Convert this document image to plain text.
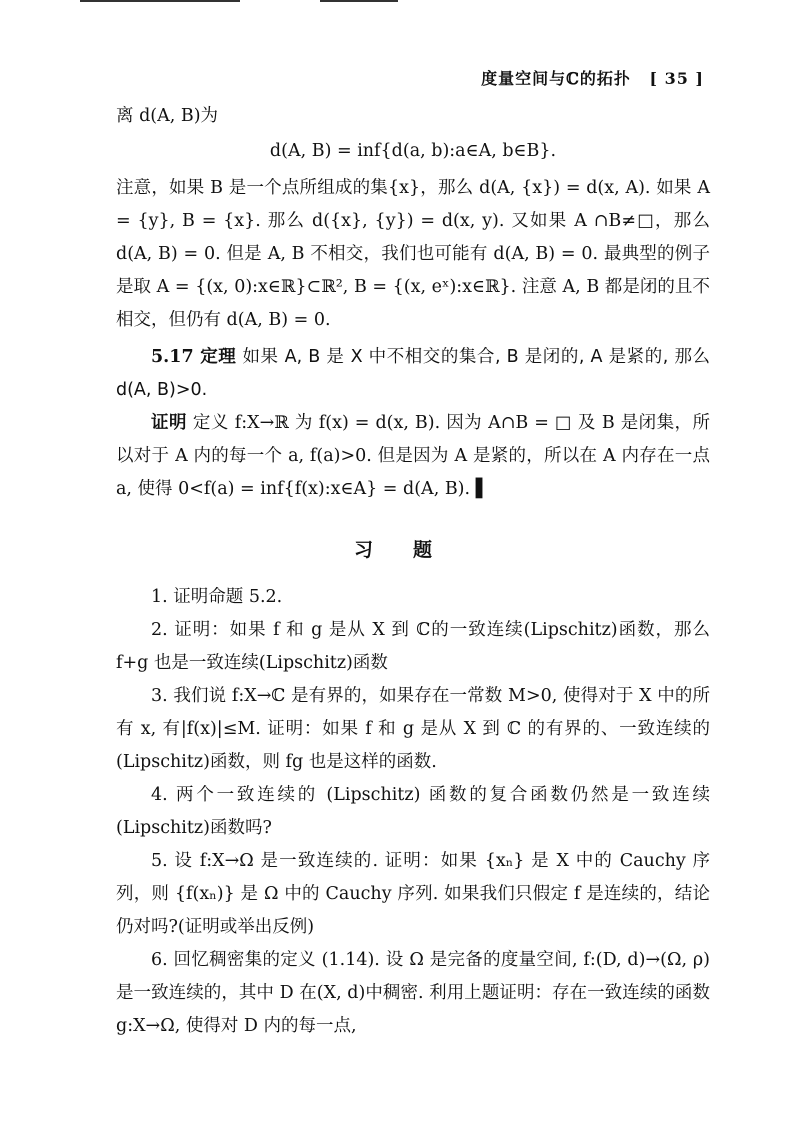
度量空间与ℂ的拓扑 [ 35 ]

离 d(A, B)为

d(A, B) = inf{d(a, b):a∈A, b∈B}.

注意，如果 B 是一个点所组成的集{x}，那么 d(A, {x}) = d(x, A). 如果 A = {y}, B = {x}. 那么 d({x}, {y}) = d(x, y). 又如果 A ∩B≠□，那么 d(A, B) = 0. 但是 A, B 不相交，我们也可能有 d(A, B) = 0. 最典型的例子是取 A = {(x, 0):x∈ℝ}⊂ℝ², B = {(x, eˣ):x∈ℝ}. 注意 A, B 都是闭的且不相交，但仍有 d(A, B) = 0.

5.17 定理 如果 A, B 是 X 中不相交的集合, B 是闭的, A 是紧的, 那么 d(A, B)>0.

证明 定义 f:X→ℝ 为 f(x) = d(x, B). 因为 A∩B = □ 及 B 是闭集，所以对于 A 内的每一个 a, f(a)>0. 但是因为 A 是紧的，所以在 A 内存在一点 a, 使得 0<f(a) = inf{f(x):x∈A} = d(A, B). ▌

习题

1. 证明命题 5.2.

2. 证明：如果 f 和 g 是从 X 到 ℂ的一致连续(Lipschitz)函数，那么 f+g 也是一致连续(Lipschitz)函数

3. 我们说 f:X→ℂ 是有界的，如果存在一常数 M>0, 使得对于 X 中的所有 x, 有|f(x)|≤M. 证明：如果 f 和 g 是从 X 到 ℂ 的有界的、一致连续的(Lipschitz)函数，则 fg 也是这样的函数.

4. 两个一致连续的 (Lipschitz) 函数的复合函数仍然是一致连续(Lipschitz)函数吗?

5. 设 f:X→Ω 是一致连续的. 证明：如果 {xₙ} 是 X 中的 Cauchy 序列，则 {f(xₙ)} 是 Ω 中的 Cauchy 序列. 如果我们只假定 f 是连续的，结论仍对吗?(证明或举出反例)

6. 回忆稠密集的定义 (1.14). 设 Ω 是完备的度量空间, f:(D, d)→(Ω, ρ)是一致连续的，其中 D 在(X, d)中稠密. 利用上题证明：存在一致连续的函数 g:X→Ω, 使得对 D 内的每一点,
